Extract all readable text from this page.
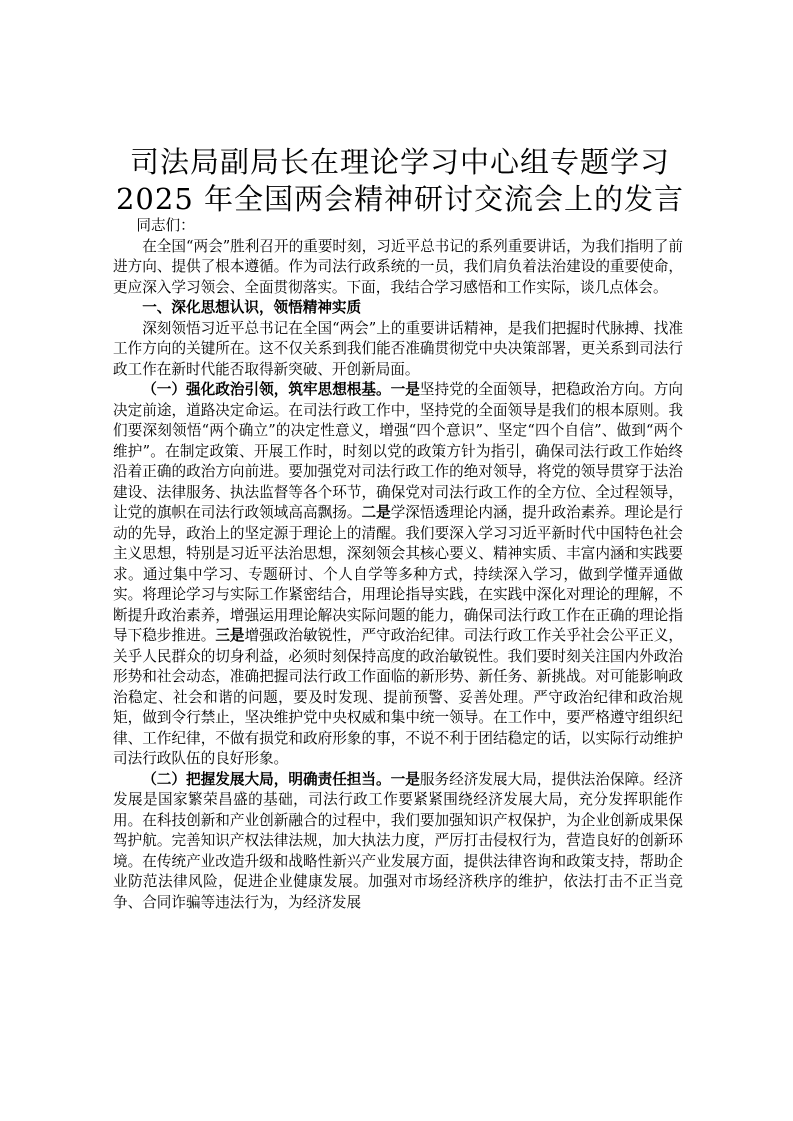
司法局副局长在理论学习中心组专题学习
2025 年全国两会精神研讨交流会上的发言

同志们：

在全国“两会”胜利召开的重要时刻，习近平总书记的系列重要讲话，为我们指明了前进方向、提供了根本遵循。作为司法行政系统的一员，我们肩负着法治建设的重要使命，更应深入学习领会、全面贯彻落实。下面，我结合学习感悟和工作实际，谈几点体会。

一、深化思想认识，领悟精神实质

深刻领悟习近平总书记在全国“两会”上的重要讲话精神，是我们把握时代脉搏、找准工作方向的关键所在。这不仅关系到我们能否准确贯彻党中央决策部署，更关系到司法行政工作在新时代能否取得新突破、开创新局面。

（一）强化政治引领，筑牢思想根基。一是坚持党的全面领导，把稳政治方向。方向决定前途，道路决定命运。在司法行政工作中，坚持党的全面领导是我们的根本原则。我们要深刻领悟“两个确立”的决定性意义，增强“四个意识”、坚定“四个自信”、做到“两个维护”。在制定政策、开展工作时，时刻以党的政策方针为指引，确保司法行政工作始终沿着正确的政治方向前进。要加强党对司法行政工作的绝对领导，将党的领导贯穿于法治建设、法律服务、执法监督等各个环节，确保党对司法行政工作的全方位、全过程领导，让党的旗帜在司法行政领域高高飘扬。二是学深悟透理论内涵，提升政治素养。理论是行动的先导，政治上的坚定源于理论上的清醒。我们要深入学习习近平新时代中国特色社会主义思想，特别是习近平法治思想，深刻领会其核心要义、精神实质、丰富内涵和实践要求。通过集中学习、专题研讨、个人自学等多种方式，持续深入学习，做到学懂弄通做实。将理论学习与实际工作紧密结合，用理论指导实践，在实践中深化对理论的理解，不断提升政治素养，增强运用理论解决实际问题的能力，确保司法行政工作在正确的理论指导下稳步推进。三是增强政治敏锐性，严守政治纪律。司法行政工作关乎社会公平正义，关乎人民群众的切身利益，必须时刻保持高度的政治敏锐性。我们要时刻关注国内外政治形势和社会动态，准确把握司法行政工作面临的新形势、新任务、新挑战。对可能影响政治稳定、社会和谐的问题，要及时发现、提前预警、妥善处理。严守政治纪律和政治规矩，做到令行禁止，坚决维护党中央权威和集中统一领导。在工作中，要严格遵守组织纪律、工作纪律，不做有损党和政府形象的事，不说不利于团结稳定的话，以实际行动维护司法行政队伍的良好形象。

（二）把握发展大局，明确责任担当。一是服务经济发展大局，提供法治保障。经济发展是国家繁荣昌盛的基础，司法行政工作要紧紧围绕经济发展大局，充分发挥职能作用。在科技创新和产业创新融合的过程中，我们要加强知识产权保护，为企业创新成果保驾护航。完善知识产权法律法规，加大执法力度，严厉打击侵权行为，营造良好的创新环境。在传统产业改造升级和战略性新兴产业发展方面，提供法律咨询和政策支持，帮助企业防范法律风险，促进企业健康发展。加强对市场经济秩序的维护，依法打击不正当竞争、合同诈骗等违法行为，为经济发展
